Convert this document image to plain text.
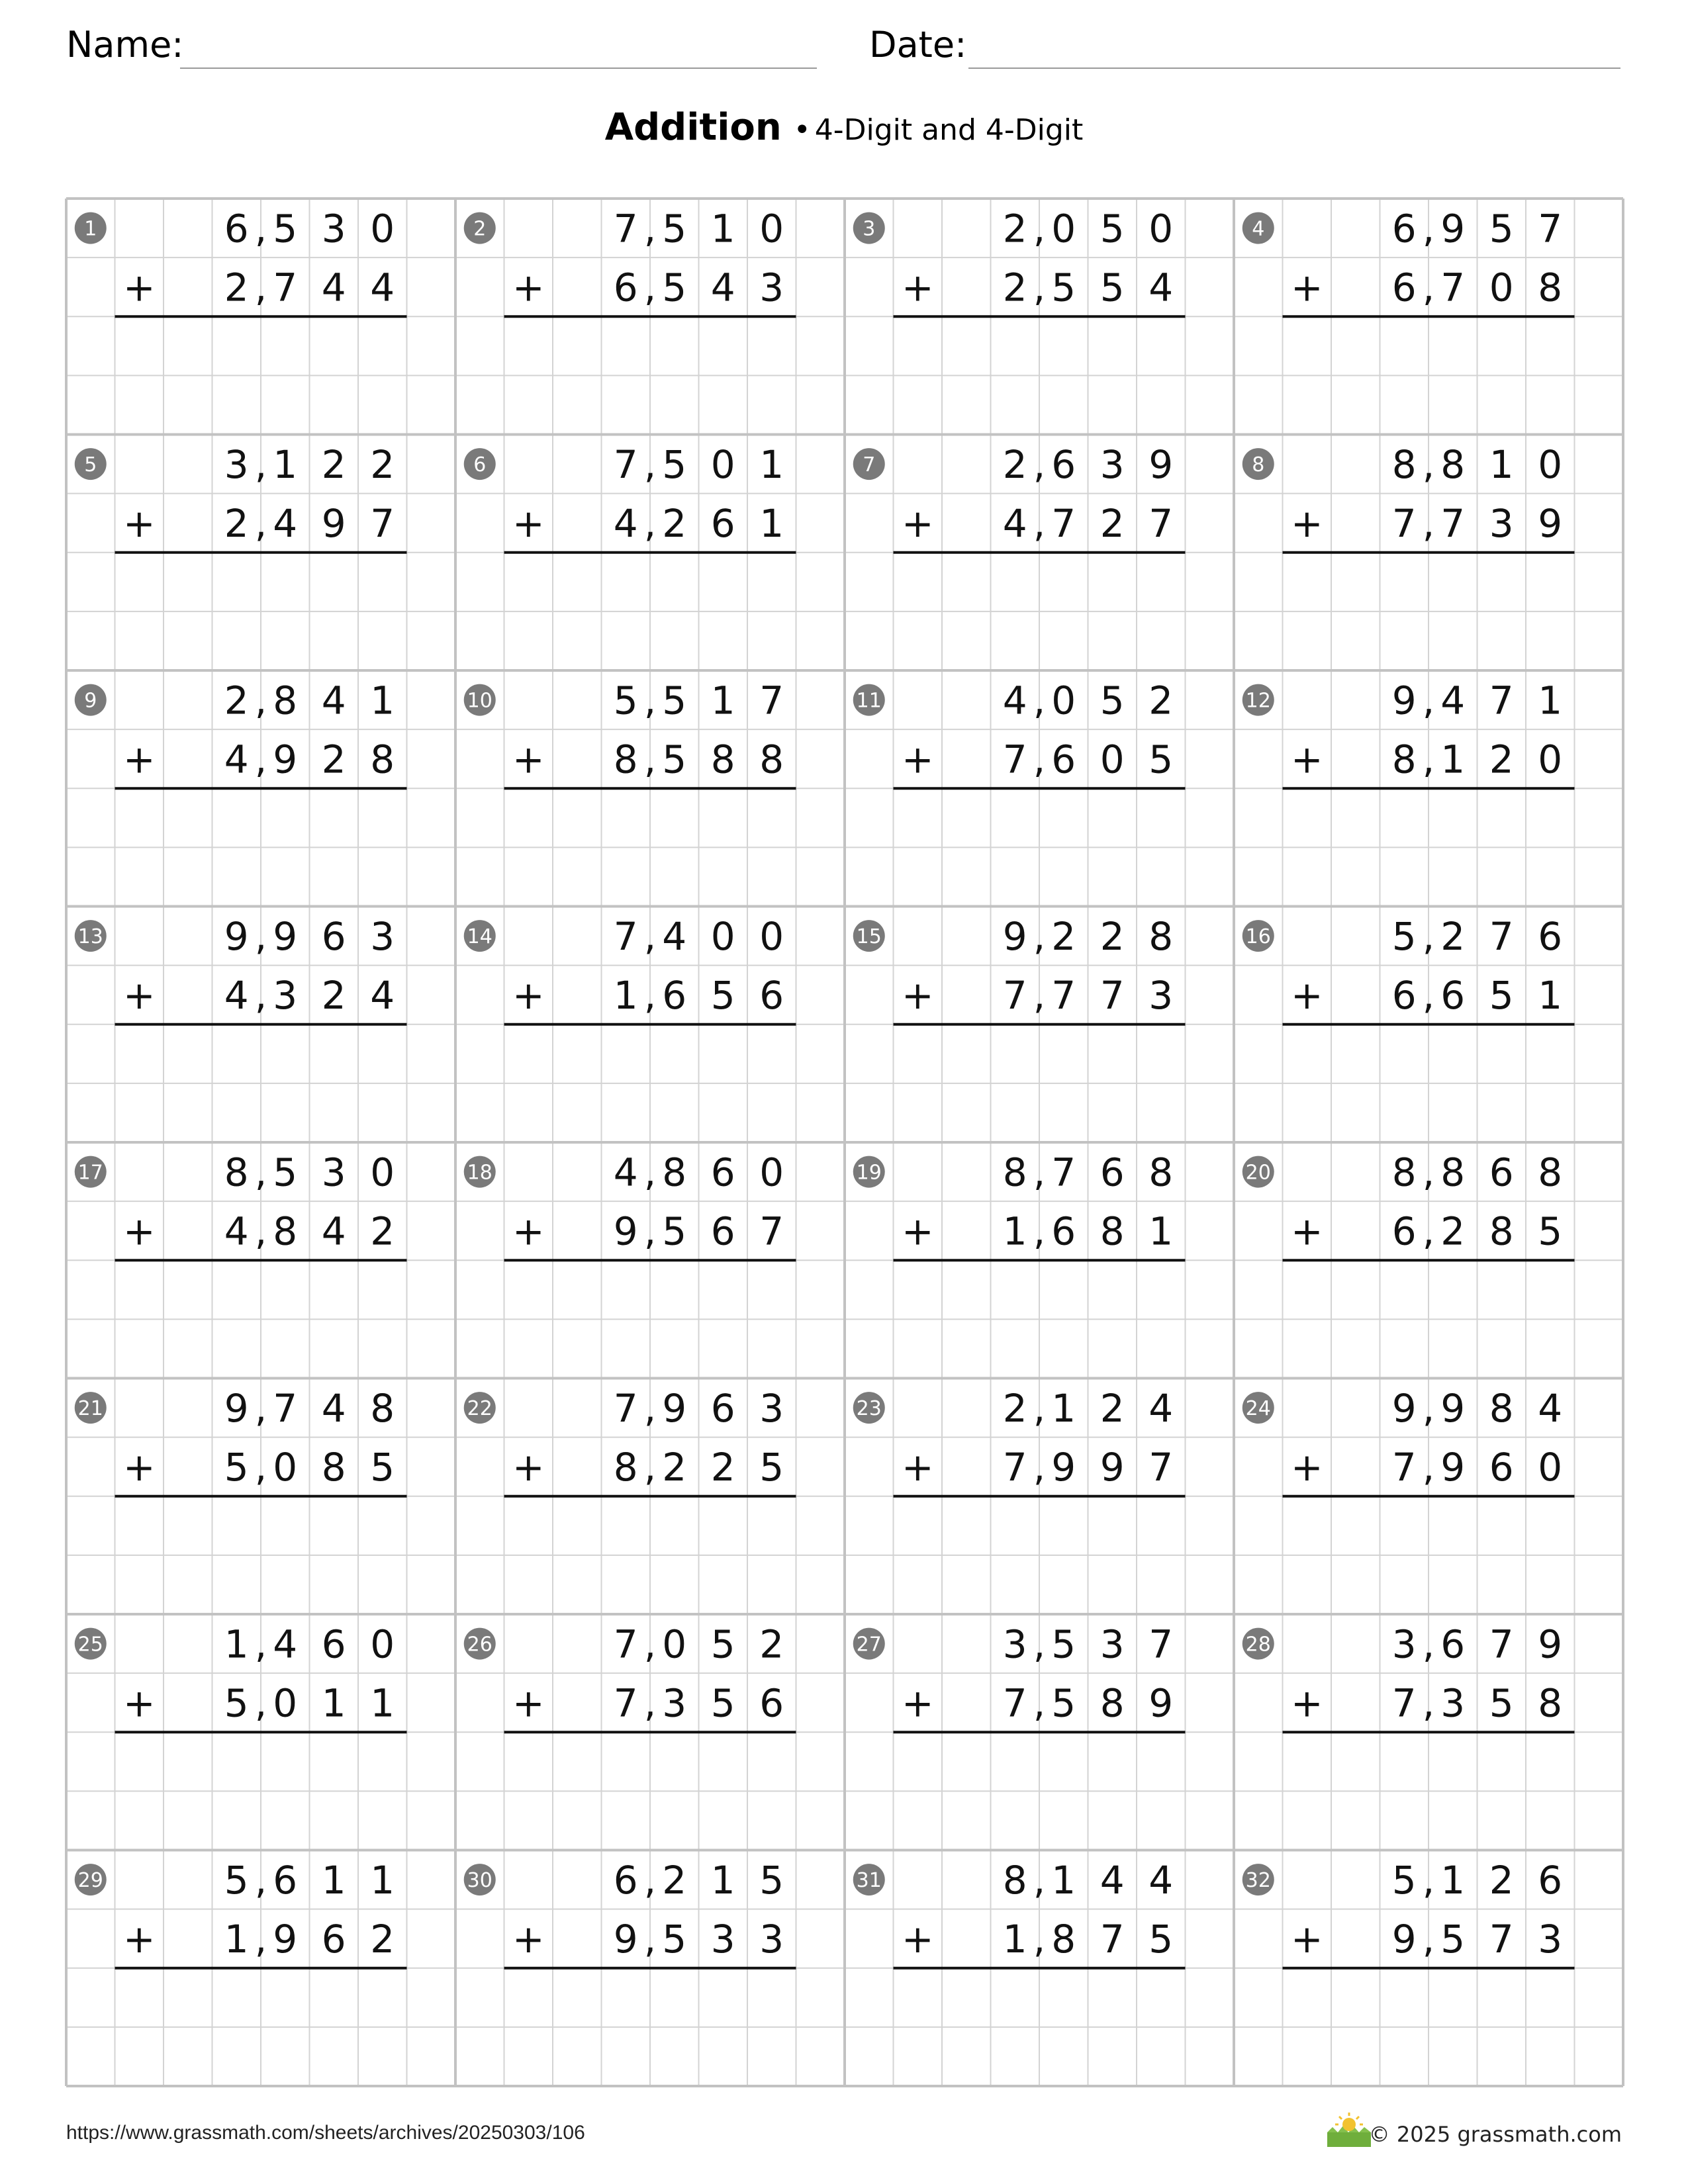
Name:	Date:
Addition • 4-Digit and 4-Digit
1	6 5 3 0
,
2 7 4 4
,
+
2	7 5 1 0
,
6 5 4 3
,
+
3	2 0 5 0
,
2 5 5 4
,
+
4	6 9 5 7
,
6 7 0 8
,
+
5	3 1 2 2
,
2 4 9 7
,
+
6	7 5 0 1
,
4 2 6 1
,
+
7	2 6 3 9
,
4 7 2 7
,
+
8	8 8 1 0
,
7 7 3 9
,
+
9	2 8 4 1
,
4 9 2 8
,
+
10	5 5 1 7
,
8 5 8 8
,
+
11	4 0 5 2
,
7 6 0 5
,
+
12	9 4 7 1
,
8 1 2 0
,
+
13	9 9 6 3
,
4 3 2 4
,
+
14	7 4 0 0
,
1 6 5 6
,
+
15	9 2 2 8
,
7 7 7 3
,
+
16	5 2 7 6
,
6 6 5 1
,
+
17	8 5 3 0
,
4 8 4 2
,
+
18	4 8 6 0
,
9 5 6 7
,
+
19	8 7 6 8
,
1 6 8 1
,
+
20	8 8 6 8
,
6 2 8 5
,
+
21	9 7 4 8
,
5 0 8 5
,
+
22	7 9 6 3
,
8 2 2 5
,
+
23	2 1 2 4
,
7 9 9 7
,
+
24	9 9 8 4
,
7 9 6 0
,
+
25	1 4 6 0
,
5 0 1 1
,
+
26	7 0 5 2
,
7 3 5 6
,
+
27	3 5 3 7
,
7 5 8 9
,
+
28	3 6 7 9
,
7 3 5 8
,
+
29	5 6 1 1
,
1 9 6 2
,
+
30	6 2 1 5
,
9 5 3 3
,
+
31	8 1 4 4
,
1 8 7 5
,
+
32	5 1 2 6
,
9 5 7 3
,
+
https://www.grassmath.com/sheets/archives/20250303/106	© 2025 grassmath.com
